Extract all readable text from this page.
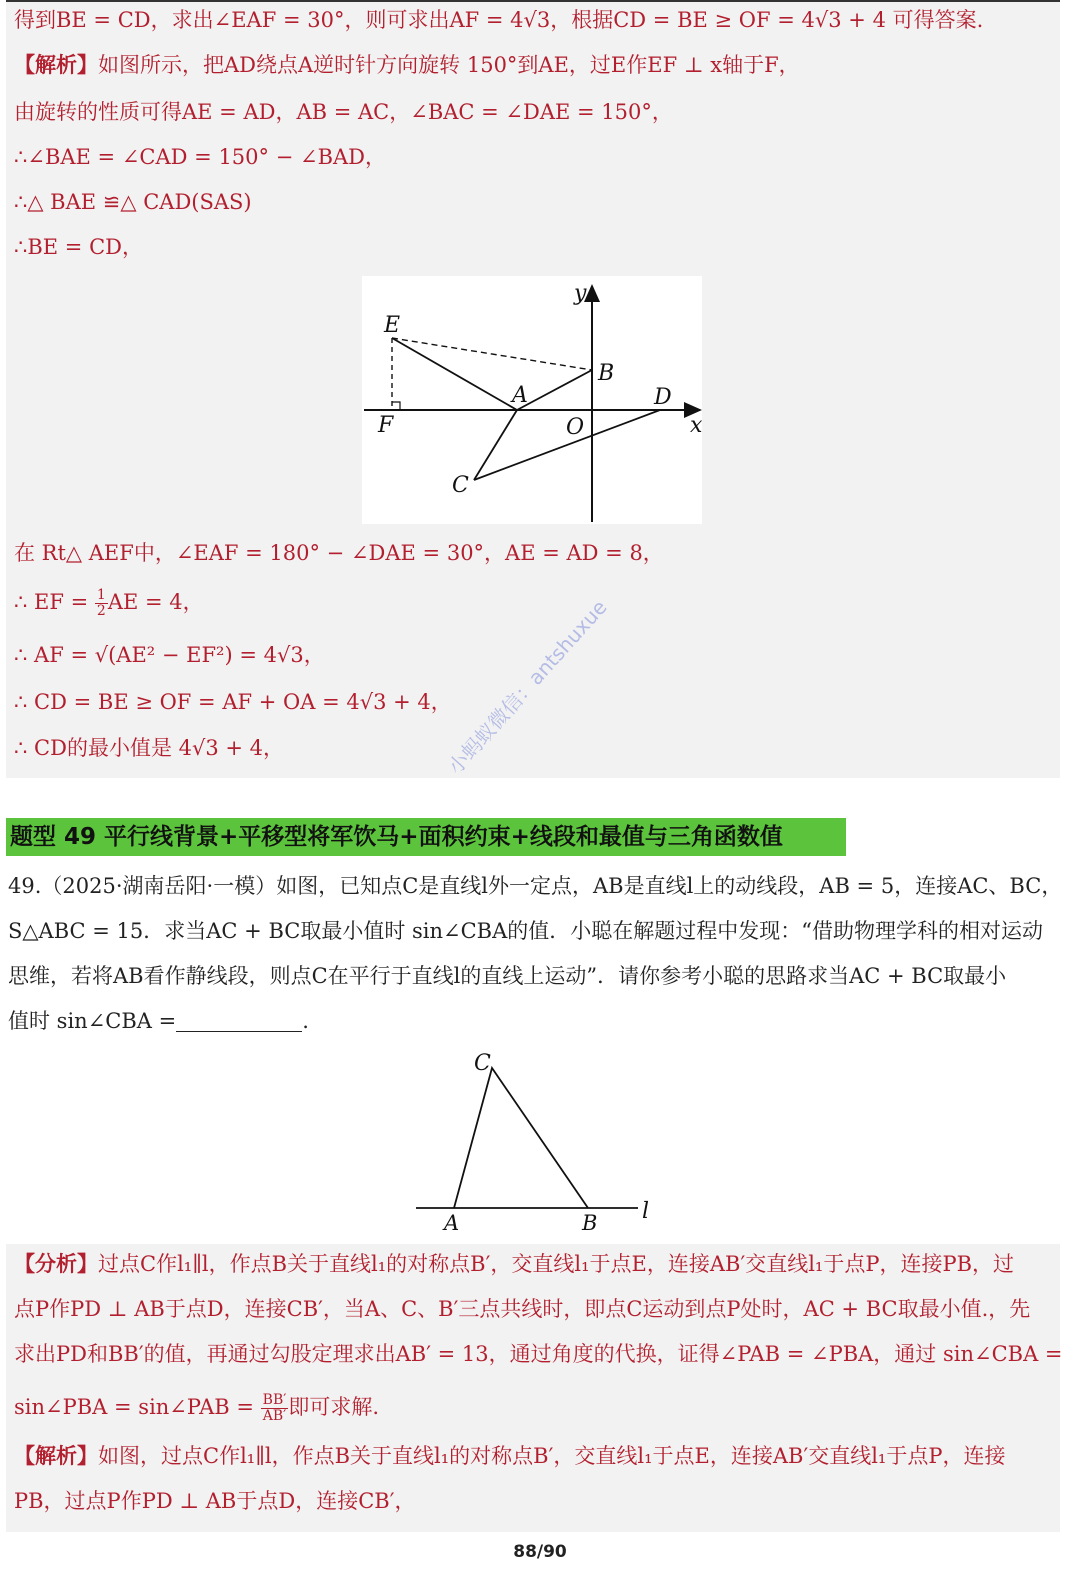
得到BE = CD，求出∠EAF = 30°，则可求出AF = 4√3，根据CD = BE ≥ OF = 4√3 + 4 可得答案.
【解析】如图所示，把AD绕点A逆时针方向旋转 150°到AE，过E作EF ⊥ x轴于F，
由旋转的性质可得AE = AD，AB = AC，∠BAC = ∠DAE = 150°，
∴∠BAE = ∠CAD = 150° − ∠BAD，
∴△ BAE ≌△ CAD(SAS)
∴BE = CD，
y
x
E
F
A
B
O
D
C
在 Rt△ AEF中，∠EAF = 180° − ∠DAE = 30°，AE = AD = 8，
∴ EF = $\frac{1}{2}$ AE = 4，
∴ AF = √(AE² − EF²) = 4√3，
∴ CD = BE ≥ OF = AF + OA = 4√3 + 4，
∴ CD的最小值是 4√3 + 4，
题型 49 平行线背景+平移型将军饮马+面积约束+线段和最值与三角函数值
49.（2025·湖南岳阳·一模）如图，已知点C是直线l外一定点，AB是直线l上的动线段，AB = 5，连接AC、BC，
S△ABC = 15．求当AC + BC取最小值时 sin∠CBA的值．小聪在解题过程中发现：“借助物理学科的相对运动
思维，若将AB看作静线段，则点C在平行于直线l的直线上运动”．请你参考小聪的思路求当AC + BC取最小
值时 sin∠CBA =	.
C
A	B l
【分析】过点C作l₁∥l，作点B关于直线l₁的对称点B′，交直线l₁于点E，连接AB′交直线l₁于点P，连接PB，过
点P作PD ⊥ AB于点D，连接CB′，当A、C、B′三点共线时，即点C运动到点P处时，AC + BC取最小值.，先
求出PD和BB′的值，再通过勾股定理求出AB′ = 13，通过角度的代换，证得∠PAB = ∠PBA，通过 sin∠CBA =
sin∠PBA = sin∠PAB = $\frac{BB'}{AB'}$ 即可求解.
【解析】如图，过点C作l₁∥l，作点B关于直线l₁的对称点B′，交直线l₁于点E，连接AB′交直线l₁于点P，连接
PB，过点P作PD ⊥ AB于点D，连接CB′，
小蚂蚁微信：antshuxue
88/90
